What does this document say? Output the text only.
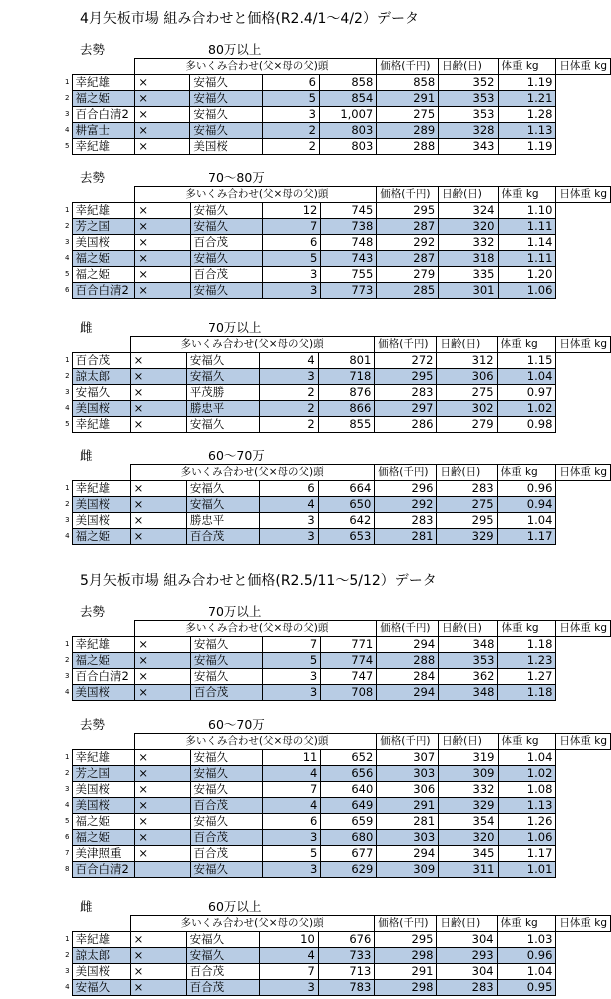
4月矢板市場 組み合わせと価格(R2.4/1～4/2）データ
去勢	80万以上
		多いくみ合わせ(父×母の父)頭				価格(千円)	日齢(日)	体重 kg	日体重 kg
1	幸紀雄	×	安福久	6	858	858	352	1.19	
2	福之姫	×	安福久	5	854	291	353	1.21	
3	百合白清2	×	安福久	3	1,007	275	353	1.28	
4	耕富士	×	安福久	2	803	289	328	1.13	
5	幸紀雄	×	美国桜	2	803	288	343	1.19	
去勢	70～80万
		多いくみ合わせ(父×母の父)頭				価格(千円)	日齢(日)	体重 kg	日体重 kg
1	幸紀雄	×	安福久	12	745	295	324	1.10	
2	芳之国	×	安福久	7	738	287	320	1.11	
3	美国桜	×	百合茂	6	748	292	332	1.14	
4	福之姫	×	安福久	5	743	287	318	1.11	
5	福之姫	×	百合茂	3	755	279	335	1.20	
6	百合白清2	×	安福久	3	773	285	301	1.06	
雌	70万以上
		多いくみ合わせ(父×母の父)頭				価格(千円)	日齢(日)	体重 kg	日体重 kg
1	百合茂	×	安福久	4	801	272	312	1.15	
2	諒太郎	×	安福久	3	718	295	306	1.04	
3	安福久	×	平茂勝	2	876	283	275	0.97	
4	美国桜	×	勝忠平	2	866	297	302	1.02	
5	幸紀雄	×	安福久	2	855	286	279	0.98	
雌	60～70万
		多いくみ合わせ(父×母の父)頭				価格(千円)	日齢(日)	体重 kg	日体重 kg
1	幸紀雄	×	安福久	6	664	296	283	0.96	
2	美国桜	×	安福久	4	650	292	275	0.94	
3	美国桜	×	勝忠平	3	642	283	295	1.04	
4	福之姫	×	百合茂	3	653	281	329	1.17	
5月矢板市場 組み合わせと価格(R2.5/11～5/12）データ
去勢	70万以上
		多いくみ合わせ(父×母の父)頭				価格(千円)	日齢(日)	体重 kg	日体重 kg
1	幸紀雄	×	安福久	7	771	294	348	1.18	
2	福之姫	×	安福久	5	774	288	353	1.23	
3	百合白清2	×	安福久	3	747	284	362	1.27	
4	美国桜	×	百合茂	3	708	294	348	1.18	
去勢	60～70万
		多いくみ合わせ(父×母の父)頭				価格(千円)	日齢(日)	体重 kg	日体重 kg
1	幸紀雄	×	安福久	11	652	307	319	1.04	
2	芳之国	×	安福久	4	656	303	309	1.02	
3	美国桜	×	安福久	7	640	306	332	1.08	
4	美国桜	×	百合茂	4	649	291	329	1.13	
5	福之姫	×	安福久	6	659	281	354	1.26	
6	福之姫	×	百合茂	3	680	303	320	1.06	
7	美津照重	×	百合茂	5	677	294	345	1.17	
8	百合白清2		安福久	3	629	309	311	1.01	
雌	60万以上
		多いくみ合わせ(父×母の父)頭				価格(千円)	日齢(日)	体重 kg	日体重 kg
1	幸紀雄	×	安福久	10	676	295	304	1.03	
2	諒太郎	×	安福久	4	733	298	293	0.96	
3	美国桜	×	百合茂	7	713	291	304	1.04	
4	安福久	×	百合茂	3	783	298	283	0.95	
